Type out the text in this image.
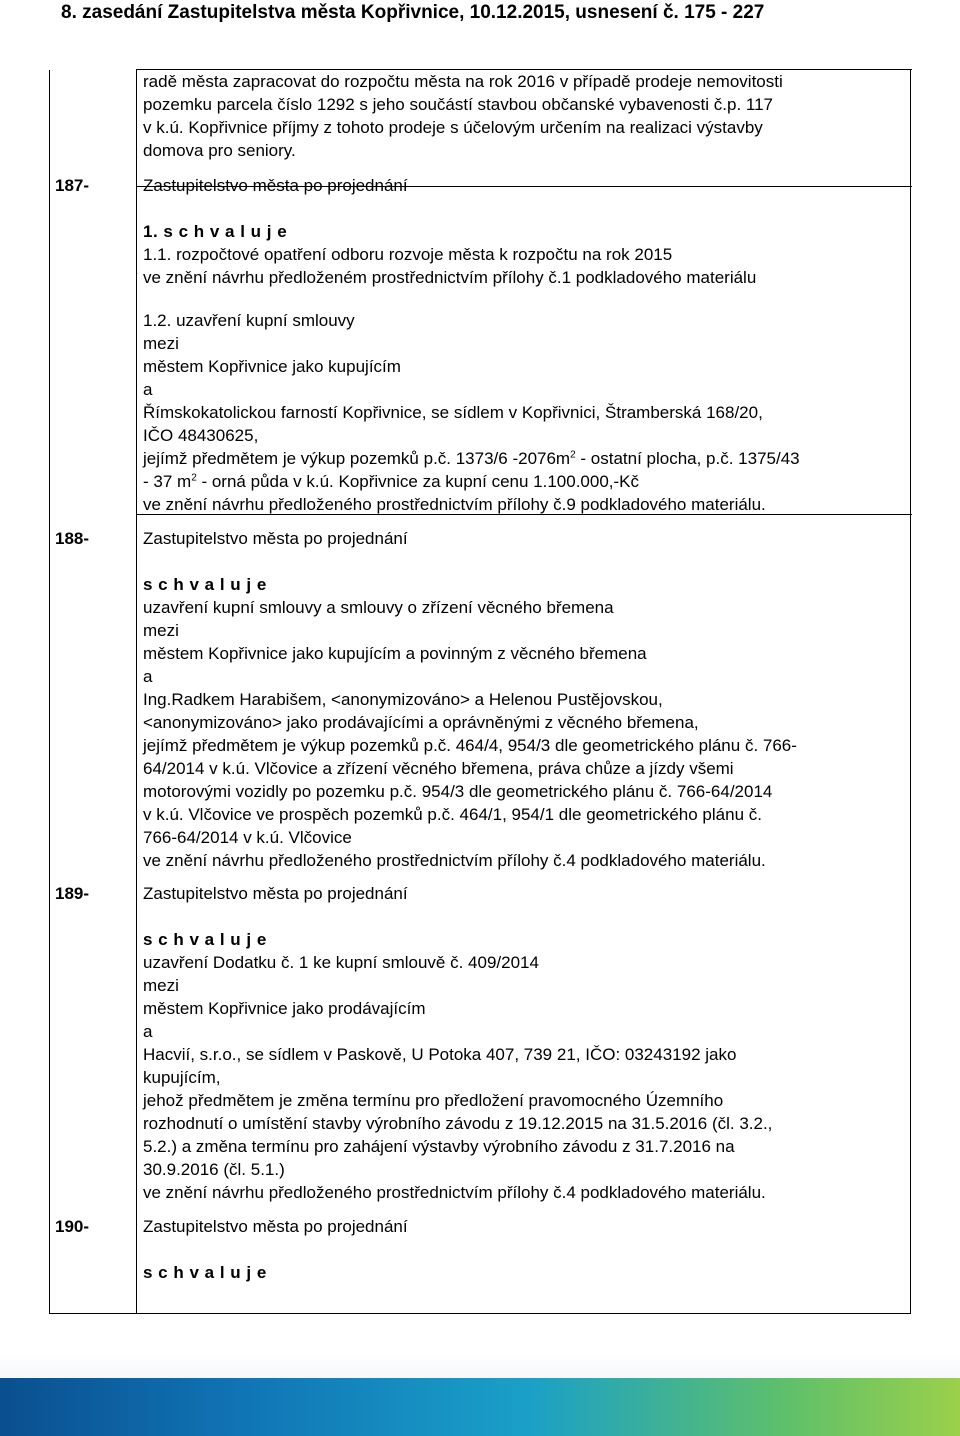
8. zasedání Zastupitelstva města Kopřivnice, 10.12.2015, usnesení č. 175 - 227

radě města zapracovat do rozpočtu města na rok 2016 v případě prodeje nemovitosti

pozemku parcela číslo 1292 s jeho součástí stavbou občanské vybavenosti č.p. 117

v k.ú. Kopřivnice příjmy z tohoto prodeje s účelovým určením na realizaci výstavby

domova pro seniory.

187-	Zastupitelstvo města po projednání

1. s c h v a l u j e

1.1. rozpočtové opatření odboru rozvoje města k rozpočtu na rok 2015

ve znění návrhu předloženém prostřednictvím přílohy č.1 podkladového materiálu

1.2. uzavření kupní smlouvy

mezi

městem Kopřivnice jako kupujícím

a

Římskokatolickou farností Kopřivnice, se sídlem v Kopřivnici, Štramberská 168/20,

IČO 48430625,

jejímž předmětem je výkup pozemků p.č. 1373/6 $-2076m^2$ - ostatní plocha, p.č. 1375/43

- 37 $m^2$ - orná půda v k.ú. Kopřivnice za kupní cenu 1.100.000,-Kč

ve znění návrhu předloženého prostřednictvím přílohy č.9 podkladového materiálu.

188-	Zastupitelstvo města po projednání

s c h v a l u j e

uzavření kupní smlouvy a smlouvy o zřízení věcného břemena

mezi

městem Kopřivnice jako kupujícím a povinným z věcného břemena

a

Ing.Radkem Harabišem, <anonymizováno> a Helenou Pustějovskou,

<anonymizováno> jako prodávajícími a oprávněnými z věcného břemena,

jejímž předmětem je výkup pozemků p.č. 464/4, 954/3 dle geometrického plánu č. 766-

64/2014 v k.ú. Vlčovice a zřízení věcného břemena, práva chůze a jízdy všemi

motorovými vozidly po pozemku p.č. 954/3 dle geometrického plánu č. 766-64/2014

v k.ú. Vlčovice ve prospěch pozemků p.č. 464/1, 954/1 dle geometrického plánu č.

766-64/2014 v k.ú. Vlčovice

ve znění návrhu předloženého prostřednictvím přílohy č.4 podkladového materiálu.

189-	Zastupitelstvo města po projednání

s c h v a l u j e

uzavření Dodatku č. 1 ke kupní smlouvě č. 409/2014

mezi

městem Kopřivnice jako prodávajícím

a

Hacvií, s.r.o., se sídlem v Paskově, U Potoka 407, 739 21, IČO: 03243192 jako

kupujícím,

jehož předmětem je změna termínu pro předložení pravomocného Územního

rozhodnutí o umístění stavby výrobního závodu z 19.12.2015 na 31.5.2016 (čl. 3.2.,

5.2.) a změna termínu pro zahájení výstavby výrobního závodu z 31.7.2016 na

30.9.2016 (čl. 5.1.)

ve znění návrhu předloženého prostřednictvím přílohy č.4 podkladového materiálu.

190-	Zastupitelstvo města po projednání

s c h v a l u j e
